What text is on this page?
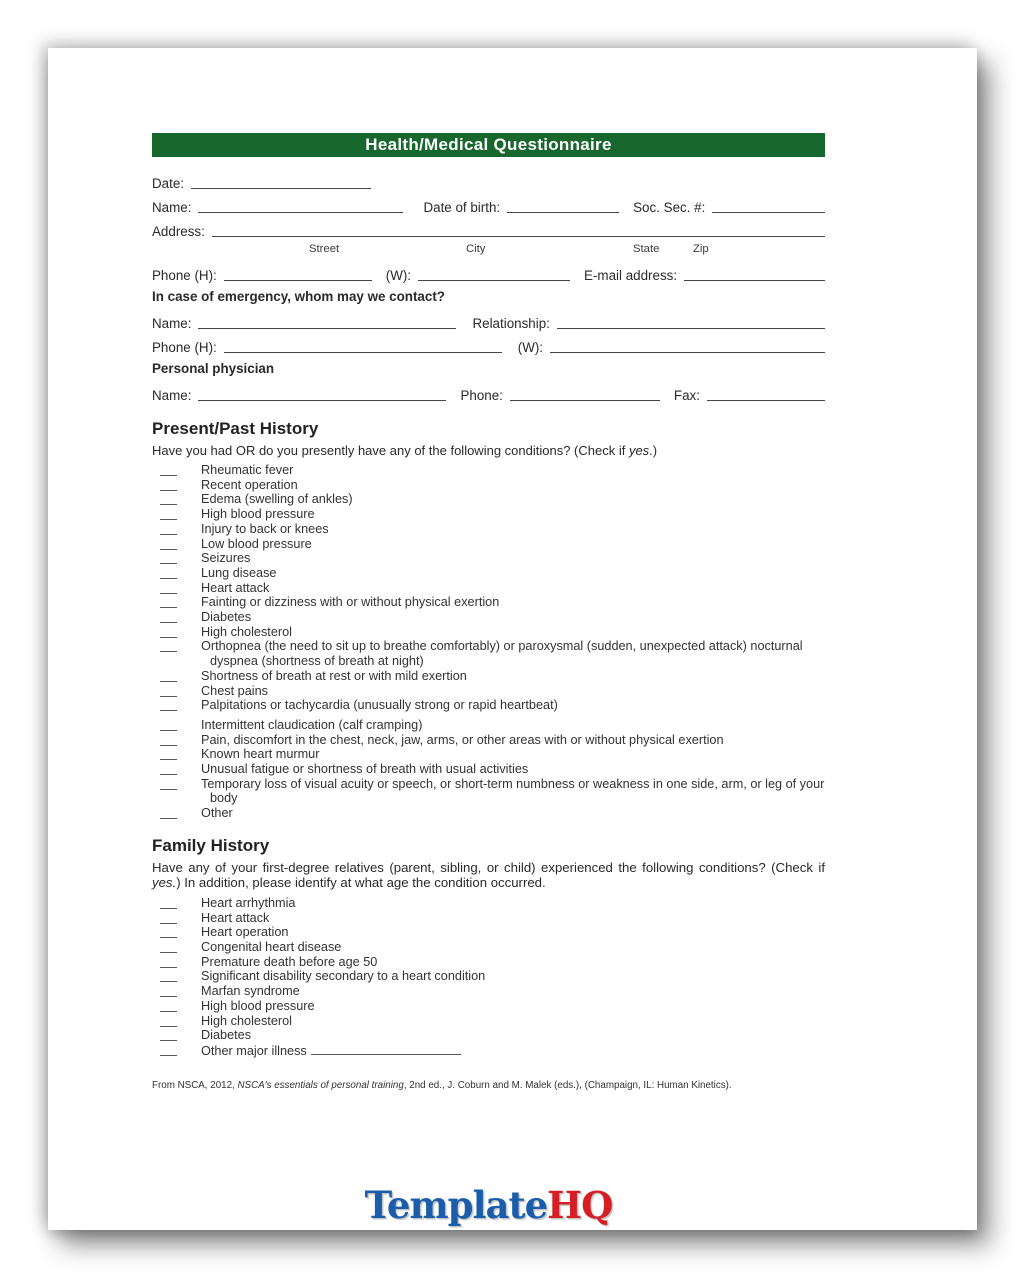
Health/Medical Questionnaire
Date:
Name:	Date of birth:	Soc. Sec. #:
Address:
Street	City	State	Zip
Phone (H):	(W):	E-mail address:
In case of emergency, whom may we contact?
Name:	Relationship:
Phone (H):	(W):
Personal physician
Name:	Phone:	Fax:
Present/Past History
Have you had OR do you presently have any of the following conditions? (Check if yes.)
Rheumatic fever
Recent operation
Edema (swelling of ankles)
High blood pressure
Injury to back or knees
Low blood pressure
Seizures
Lung disease
Heart attack
Fainting or dizziness with or without physical exertion
Diabetes
High cholesterol
Orthopnea (the need to sit up to breathe comfortably) or paroxysmal (sudden, unexpected attack) nocturnal dyspnea (shortness of breath at night)
Shortness of breath at rest or with mild exertion
Chest pains
Palpitations or tachycardia (unusually strong or rapid heartbeat)
Intermittent claudication (calf cramping)
Pain, discomfort in the chest, neck, jaw, arms, or other areas with or without physical exertion
Known heart murmur
Unusual fatigue or shortness of breath with usual activities
Temporary loss of visual acuity or speech, or short-term numbness or weakness in one side, arm, or leg of your body
Other
Family History
Have any of your first-degree relatives (parent, sibling, or child) experienced the following conditions? (Check if yes.) In addition, please identify at what age the condition occurred.
Heart arrhythmia
Heart attack
Heart operation
Congenital heart disease
Premature death before age 50
Significant disability secondary to a heart condition
Marfan syndrome
High blood pressure
High cholesterol
Diabetes
Other major illness
From NSCA, 2012, NSCA's essentials of personal training, 2nd ed., J. Coburn and M. Malek (eds.), (Champaign, IL: Human Kinetics).
TemplateHQ
